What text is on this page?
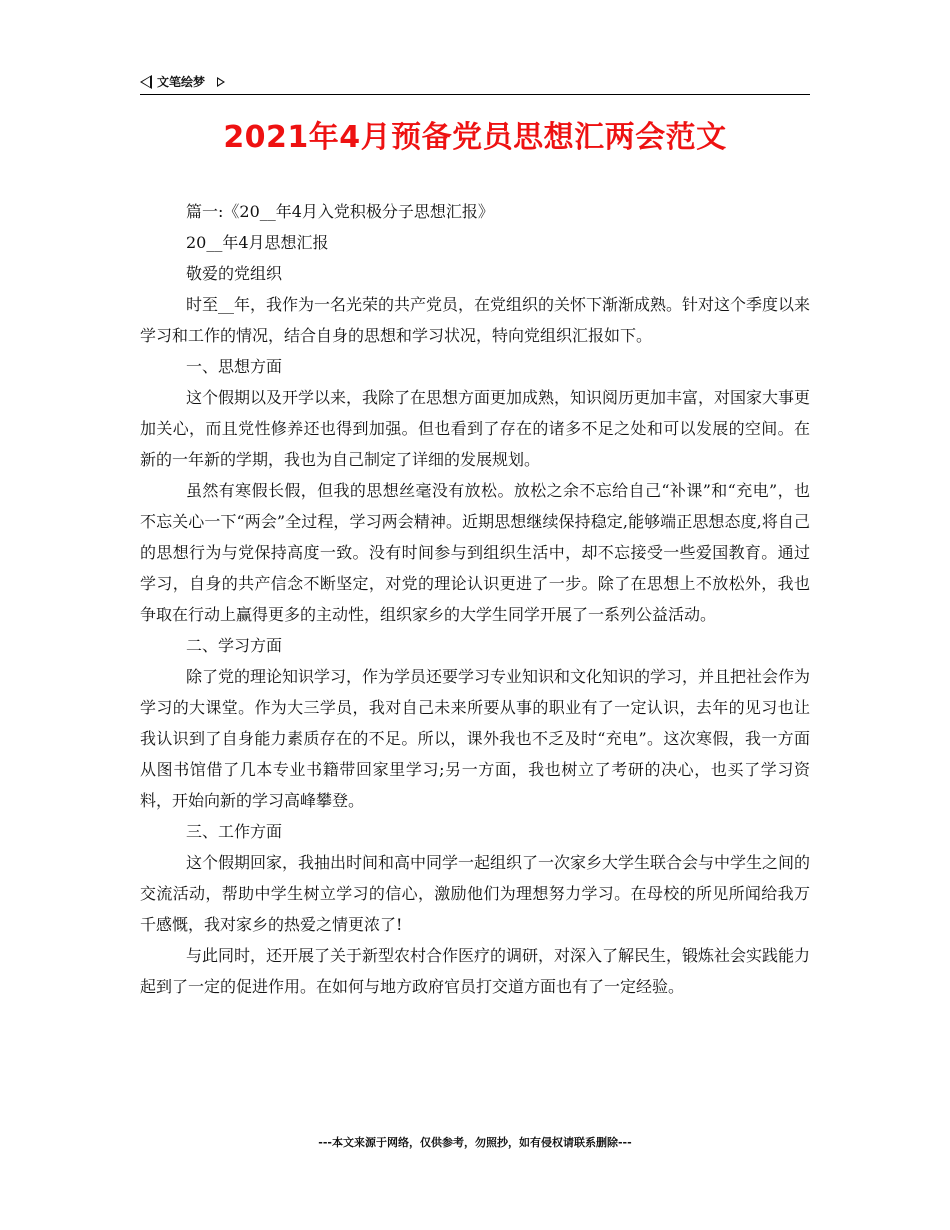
文笔绘梦
2021年4月预备党员思想汇两会范文

篇一:《20__年4月入党积极分子思想汇报》

20__年4月思想汇报

敬爱的党组织

时至__年，我作为一名光荣的共产党员，在党组织的关怀下渐渐成熟。针对这个季度以来学习和工作的情况，结合自身的思想和学习状况，特向党组织汇报如下。

一、思想方面

这个假期以及开学以来，我除了在思想方面更加成熟，知识阅历更加丰富，对国家大事更加关心，而且党性修养还也得到加强。但也看到了存在的诸多不足之处和可以发展的空间。在新的一年新的学期，我也为自己制定了详细的发展规划。

虽然有寒假长假，但我的思想丝毫没有放松。放松之余不忘给自己“补课”和“充电”，也不忘关心一下“两会”全过程，学习两会精神。近期思想继续保持稳定,能够端正思想态度,将自己的思想行为与党保持高度一致。没有时间参与到组织生活中，却不忘接受一些爱国教育。通过学习，自身的共产信念不断坚定，对党的理论认识更进了一步。除了在思想上不放松外，我也争取在行动上赢得更多的主动性，组织家乡的大学生同学开展了一系列公益活动。

二、学习方面

除了党的理论知识学习，作为学员还要学习专业知识和文化知识的学习，并且把社会作为学习的大课堂。作为大三学员，我对自己未来所要从事的职业有了一定认识，去年的见习也让我认识到了自身能力素质存在的不足。所以，课外我也不乏及时“充电”。这次寒假，我一方面从图书馆借了几本专业书籍带回家里学习;另一方面，我也树立了考研的决心，也买了学习资料，开始向新的学习高峰攀登。

三、工作方面

这个假期回家，我抽出时间和高中同学一起组织了一次家乡大学生联合会与中学生之间的交流活动，帮助中学生树立学习的信心，激励他们为理想努力学习。在母校的所见所闻给我万千感慨，我对家乡的热爱之情更浓了!

与此同时，还开展了关于新型农村合作医疗的调研，对深入了解民生，锻炼社会实践能力起到了一定的促进作用。在如何与地方政府官员打交道方面也有了一定经验。

---本文来源于网络，仅供参考，勿照抄，如有侵权请联系删除---
